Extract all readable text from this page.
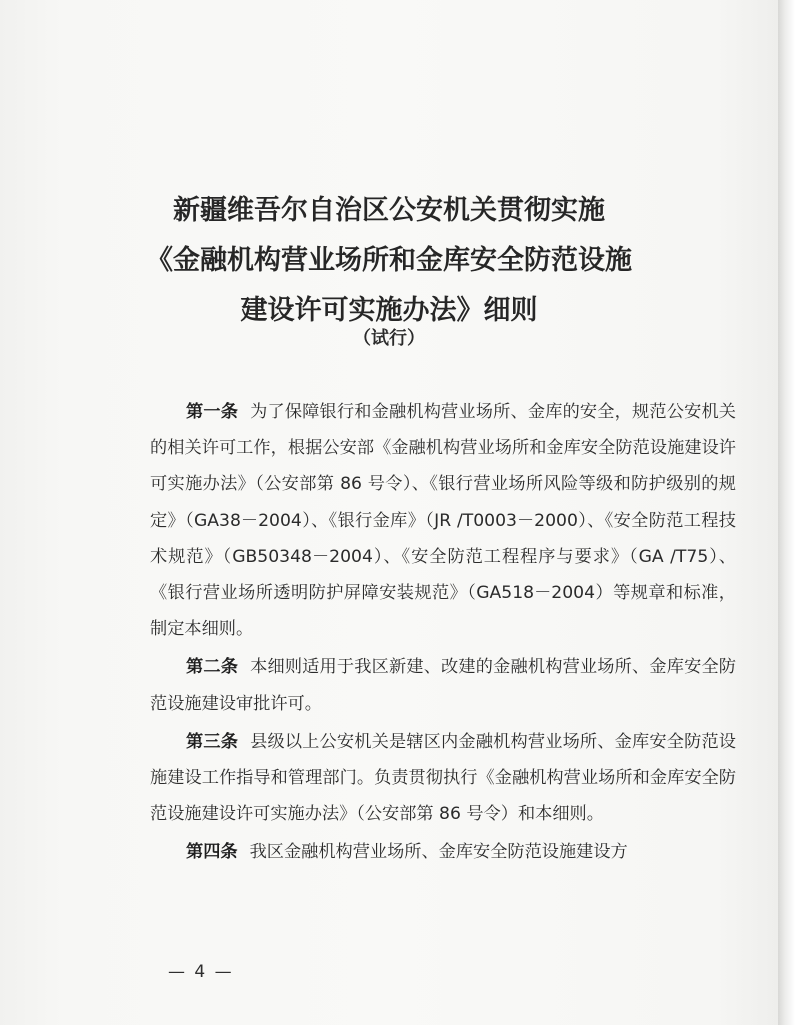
新疆维吾尔自治区公安机关贯彻实施
《金融机构营业场所和金库安全防范设施
建设许可实施办法》细则
（试行）

第一条 为了保障银行和金融机构营业场所、金库的安全，规范公安机关的相关许可工作，根据公安部《金融机构营业场所和金库安全防范设施建设许可实施办法》（公安部第 86 号令）、《银行营业场所风险等级和防护级别的规定》（GA38－2004）、《银行金库》（JR /T0003－2000）、《安全防范工程技术规范》（GB50348－2004）、《安全防范工程程序与要求》（GA /T75）、《银行营业场所透明防护屏障安装规范》（GA518－2004）等规章和标准，制定本细则。

第二条 本细则适用于我区新建、改建的金融机构营业场所、金库安全防范设施建设审批许可。

第三条 县级以上公安机关是辖区内金融机构营业场所、金库安全防范设施建设工作指导和管理部门。负责贯彻执行《金融机构营业场所和金库安全防范设施建设许可实施办法》（公安部第 86 号令）和本细则。

第四条 我区金融机构营业场所、金库安全防范设施建设方

— 4 —
